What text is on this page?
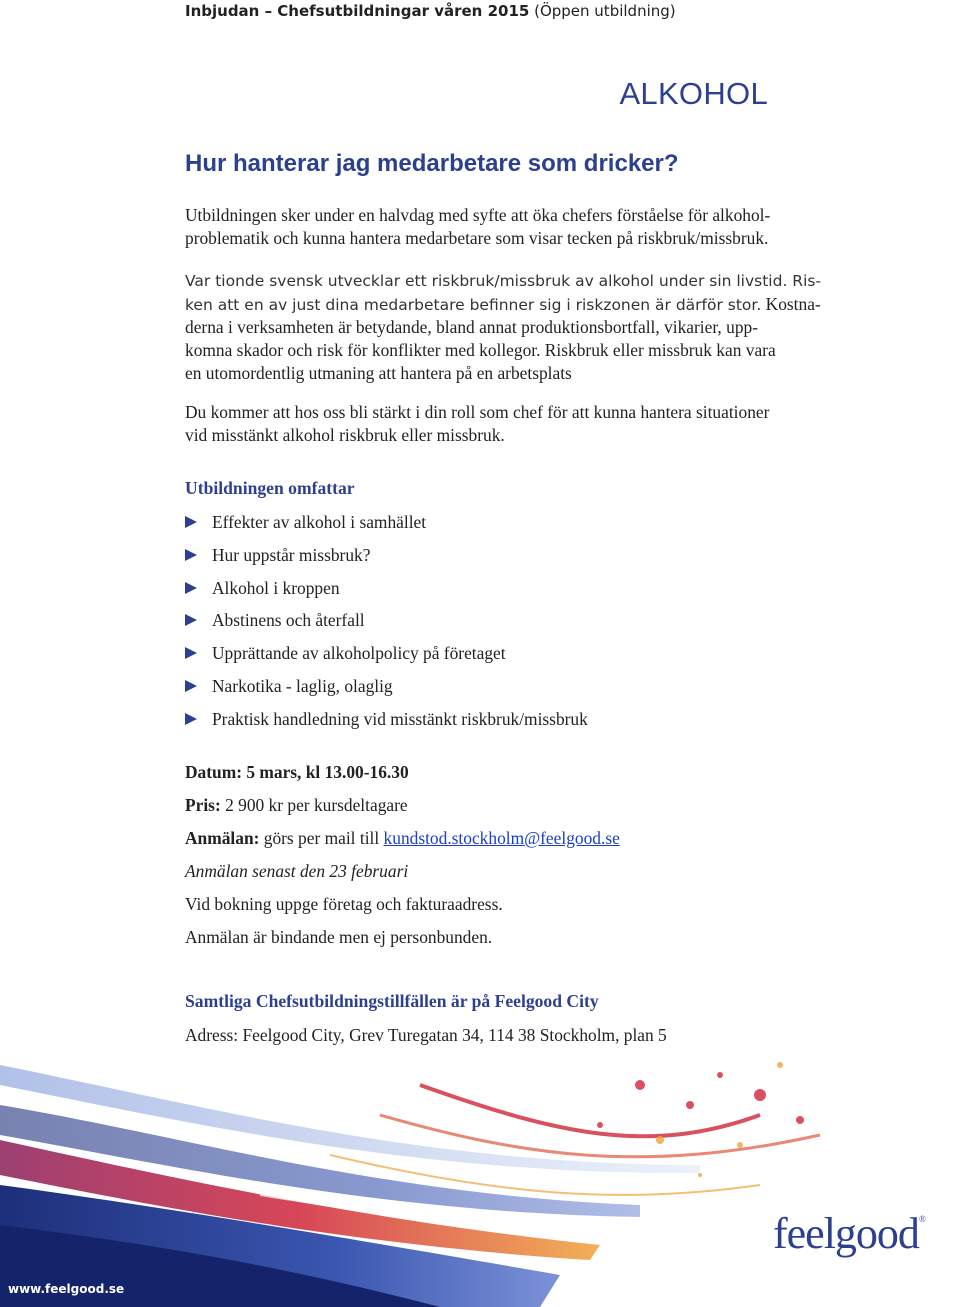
Inbjudan – Chefsutbildningar våren 2015 (Öppen utbildning)
ALKOHOL
Hur hanterar jag medarbetare som dricker?
Utbildningen sker under en halvdag med syfte att öka chefers förståelse för alkohol-
problematik och kunna hantera medarbetare som visar tecken på riskbruk/missbruk.
Var tionde svensk utvecklar ett riskbruk/missbruk av alkohol under sin livstid. Ris-
ken att en av just dina medarbetare befinner sig i riskzonen är därför stor. Kostna-
derna i verksamheten är betydande, bland annat produktionsbortfall, vikarier, upp-
komna skador och risk för konflikter med kollegor. Riskbruk eller missbruk kan vara
en utomordentlig utmaning att hantera på en arbetsplats
Du kommer att hos oss bli stärkt i din roll som chef för att kunna hantera situationer
vid misstänkt alkohol riskbruk eller missbruk.
Utbildningen omfattar
Effekter av alkohol i samhället
Hur uppstår missbruk?
Alkohol i kroppen
Abstinens och återfall
Upprättande av alkoholpolicy på företaget
Narkotika - laglig, olaglig
Praktisk handledning vid misstänkt riskbruk/missbruk
Datum: 5 mars, kl 13.00-16.30
Pris: 2 900 kr per kursdeltagare
Anmälan: görs per mail till kundstod.stockholm@feelgood.se
Anmälan senast den 23 februari
Vid bokning uppge företag och fakturaadress.
Anmälan är bindande men ej personbunden.
Samtliga Chefsutbildningstillfällen är på Feelgood City
Adress: Feelgood City, Grev Turegatan 34, 114 38 Stockholm, plan 5
www.feelgood.se
feelgood®
